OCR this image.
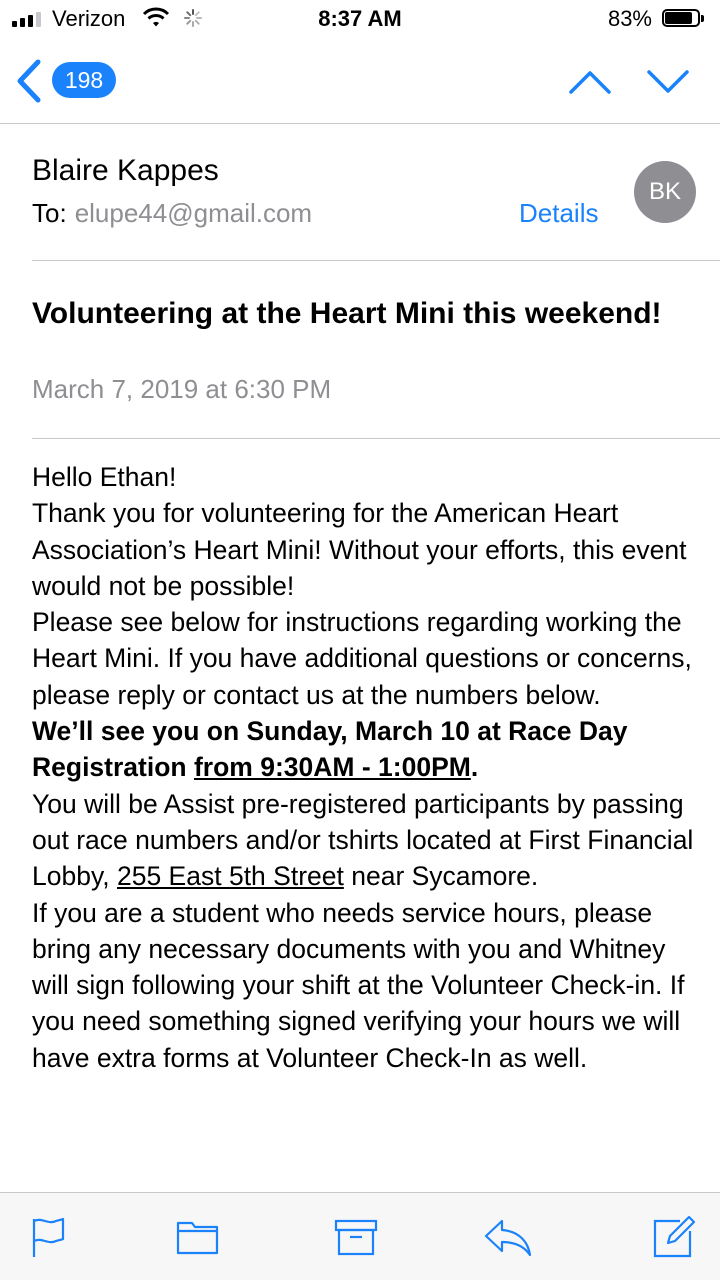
Verizon	8:37 AM	83%
198
Blaire Kappes
To: elupe44@gmail.com	Details
BK
Volunteering at the Heart Mini this weekend!
March 7, 2019 at 6:30 PM

Hello Ethan!

Thank you for volunteering for the American Heart Association’s Heart Mini! Without your efforts, this event would not be possible!

Please see below for instructions regarding working the Heart Mini. If you have additional questions or concerns, please reply or contact us at the numbers below.

We’ll see you on Sunday, March 10 at Race Day Registration from 9:30AM - 1:00PM.

You will be Assist pre-registered participants by passing out race numbers and/or tshirts located at First Financial Lobby, 255 East 5th Street near Sycamore.

If you are a student who needs service hours, please bring any necessary documents with you and Whitney will sign following your shift at the Volunteer Check-in. If you need something signed verifying your hours we will have extra forms at Volunteer Check-In as well.
